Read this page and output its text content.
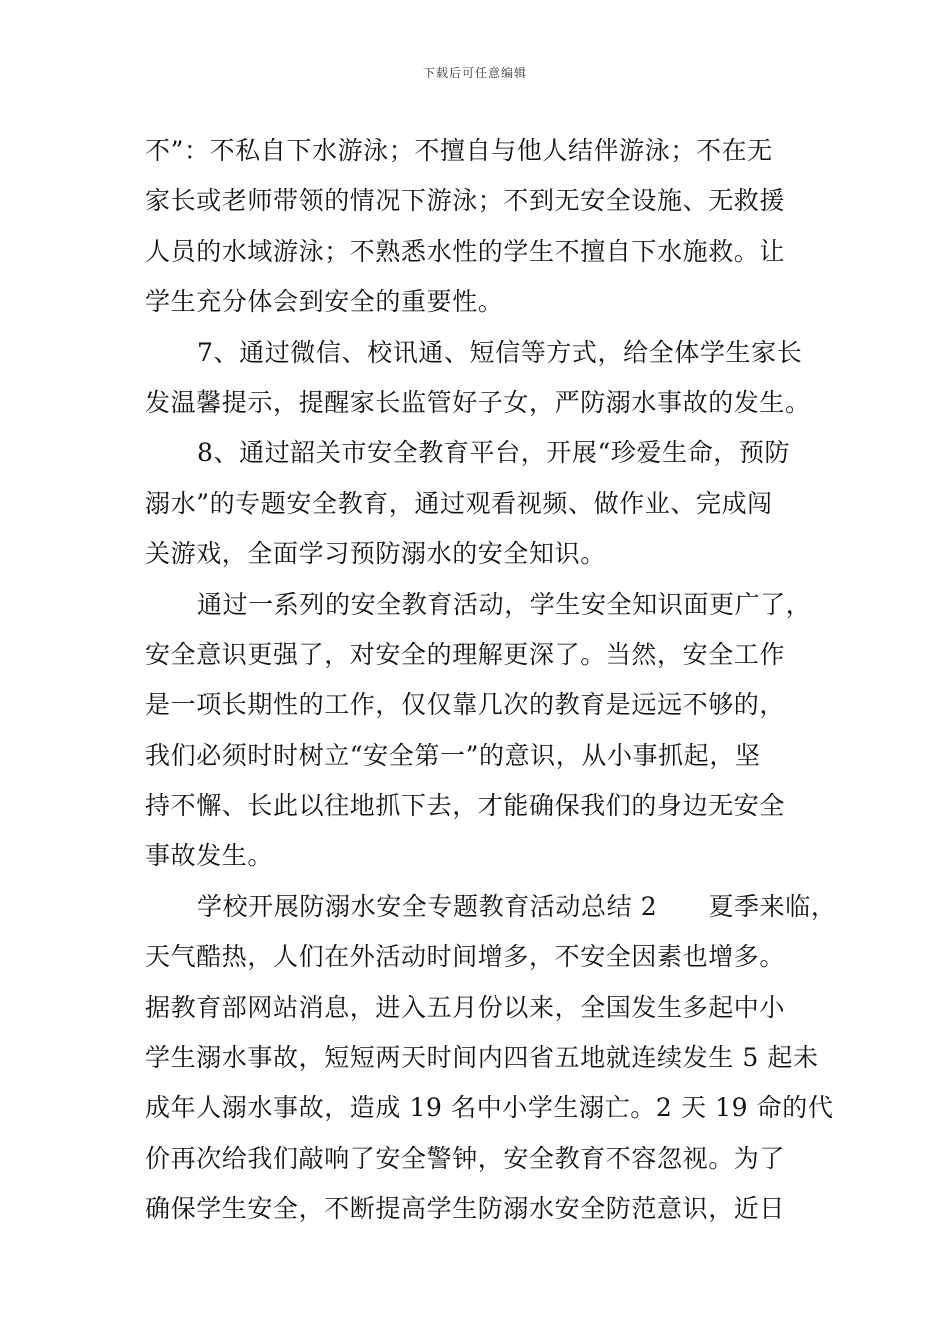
下载后可任意编辑
不”：不私自下水游泳；不擅自与他人结伴游泳；不在无
家长或老师带领的情况下游泳；不到无安全设施、无救援
人员的水域游泳；不熟悉水性的学生不擅自下水施救。让
学生充分体会到安全的重要性。
7、通过微信、校讯通、短信等方式，给全体学生家长
发温馨提示，提醒家长监管好子女，严防溺水事故的发生。
8、通过韶关市安全教育平台，开展“珍爱生命，预防
溺水”的专题安全教育，通过观看视频、做作业、完成闯
关游戏，全面学习预防溺水的安全知识。
通过一系列的安全教育活动，学生安全知识面更广了，
安全意识更强了，对安全的理解更深了。当然，安全工作
是一项长期性的工作，仅仅靠几次的教育是远远不够的，
我们必须时时树立“安全第一”的意识，从小事抓起，坚
持不懈、长此以往地抓下去，才能确保我们的身边无安全
事故发生。
学校开展防溺水安全专题教育活动总结 2　　夏季来临，
天气酷热，人们在外活动时间增多，不安全因素也增多。
据教育部网站消息，进入五月份以来，全国发生多起中小
学生溺水事故，短短两天时间内四省五地就连续发生 5 起未
成年人溺水事故，造成 19 名中小学生溺亡。2 天 19 命的代
价再次给我们敲响了安全警钟，安全教育不容忽视。为了
确保学生安全，不断提高学生防溺水安全防范意识，近日
